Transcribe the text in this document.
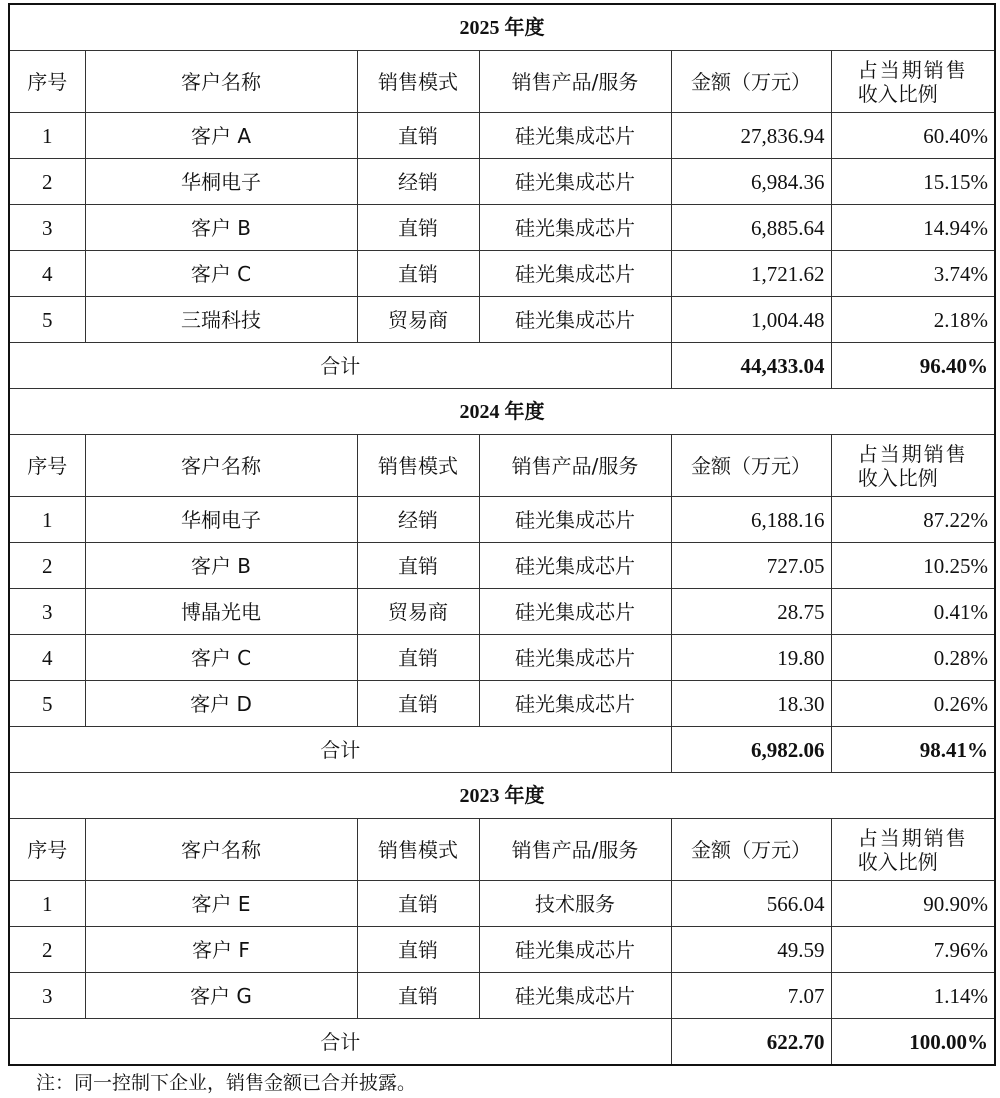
2025 年度					
序号	客户名称	销售模式	销售产品/服务	金额（万元）	占当期销售
收入比例
1	客户 A	直销	硅光集成芯片	27,836.94	60.40%
2	华桐电子	经销	硅光集成芯片	6,984.36	15.15%
3	客户 B	直销	硅光集成芯片	6,885.64	14.94%
4	客户 C	直销	硅光集成芯片	1,721.62	3.74%
5	三瑞科技	贸易商	硅光集成芯片	1,004.48	2.18%
合计				44,433.04	96.40%
2024 年度					
序号	客户名称	销售模式	销售产品/服务	金额（万元）	占当期销售
收入比例
1	华桐电子	经销	硅光集成芯片	6,188.16	87.22%
2	客户 B	直销	硅光集成芯片	727.05	10.25%
3	博晶光电	贸易商	硅光集成芯片	28.75	0.41%
4	客户 C	直销	硅光集成芯片	19.80	0.28%
5	客户 D	直销	硅光集成芯片	18.30	0.26%
合计				6,982.06	98.41%
2023 年度					
序号	客户名称	销售模式	销售产品/服务	金额（万元）	占当期销售
收入比例
1	客户 E	直销	技术服务	566.04	90.90%
2	客户 F	直销	硅光集成芯片	49.59	7.96%
3	客户 G	直销	硅光集成芯片	7.07	1.14%
合计				622.70	100.00%
注：同一控制下企业，销售金额已合并披露。
